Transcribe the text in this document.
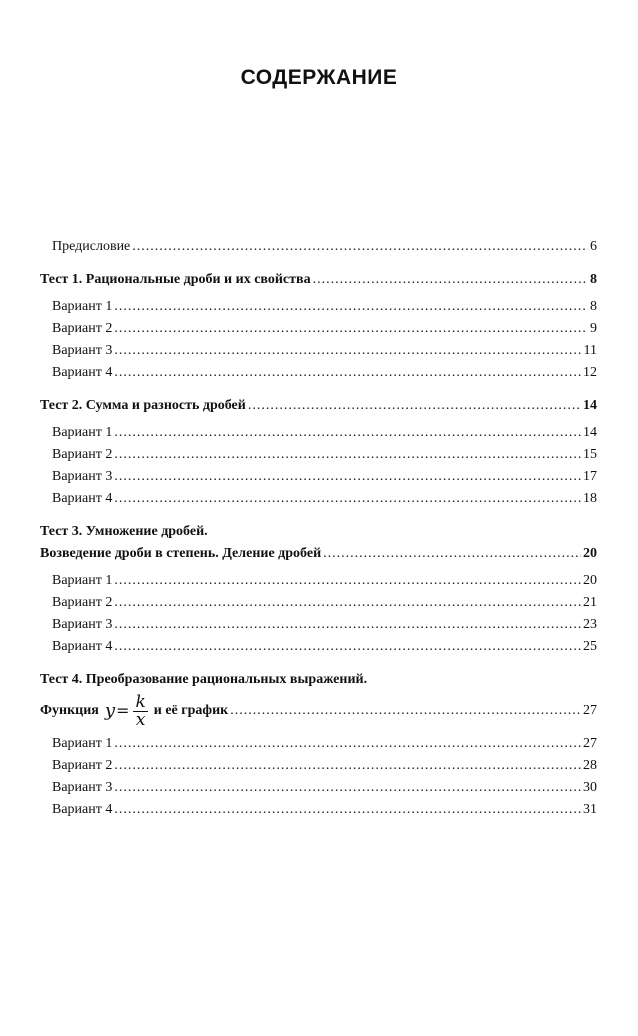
СОДЕРЖАНИЕ
Предисловие .....	6
Тест 1. Рациональные дроби и их свойства .....	8
Вариант 1 .....	8
Вариант 2 .....	9
Вариант 3 .....	11
Вариант 4 .....	12
Тест 2. Сумма и разность дробей .....	14
Вариант 1 .....	14
Вариант 2 .....	15
Вариант 3 .....	17
Вариант 4 .....	18
Тест 3. Умножение дробей.
Возведение дроби в степень. Деление дробей .....	20
Вариант 1 .....	20
Вариант 2 .....	21
Вариант 3 .....	23
Вариант 4 .....	25
Тест 4. Преобразование рациональных выражений.
Функция $y = \frac{k}{x}$ и её график .....	27
Вариант 1 .....	27
Вариант 2 .....	28
Вариант 3 .....	30
Вариант 4 .....	31
